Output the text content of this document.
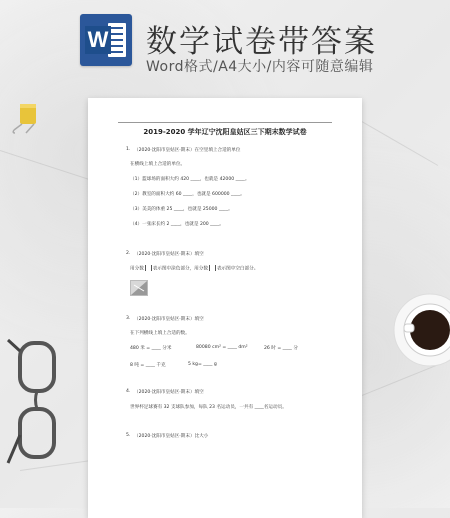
W 数学试卷带答案
Word格式/A4大小/内容可随意编辑
2019-2020 学年辽宁沈阳皇姑区三下期末数学试卷
1. （2020·沈阳市皇姑区·期末）在空里填上合适的单位
在横线上填上合适的单位。
（1）篮球场的面积大约 420 ____，也就是 42000 ____。
（2）教室的面积大约 60 ____，也就是 600000 ____。
（3）美美的体重 25 ____，也就是 25000 ____。
（4）一张床长约 2 ____，也就是 200 ____。
2. （2020·沈阳市皇姑区·期末）填空
用分数 表示图中涂色部分，用分数 表示图中空白部分。
3. （2020·沈阳市皇姑区·期末）填空
在下列横线上填上合适的数。
480 米 = ____ 分米	80080 cm² = ____ dm²	26 时 = ____ 分
8 吨 = ____ 千克	5 kg= ____ g
4. （2020·沈阳市皇姑区·期末）填空
世界杯足球赛有 32 支球队参加，每队 23 名运动员，一共有 ____名运动员。
5. （2020·沈阳市皇姑区·期末）比大小
